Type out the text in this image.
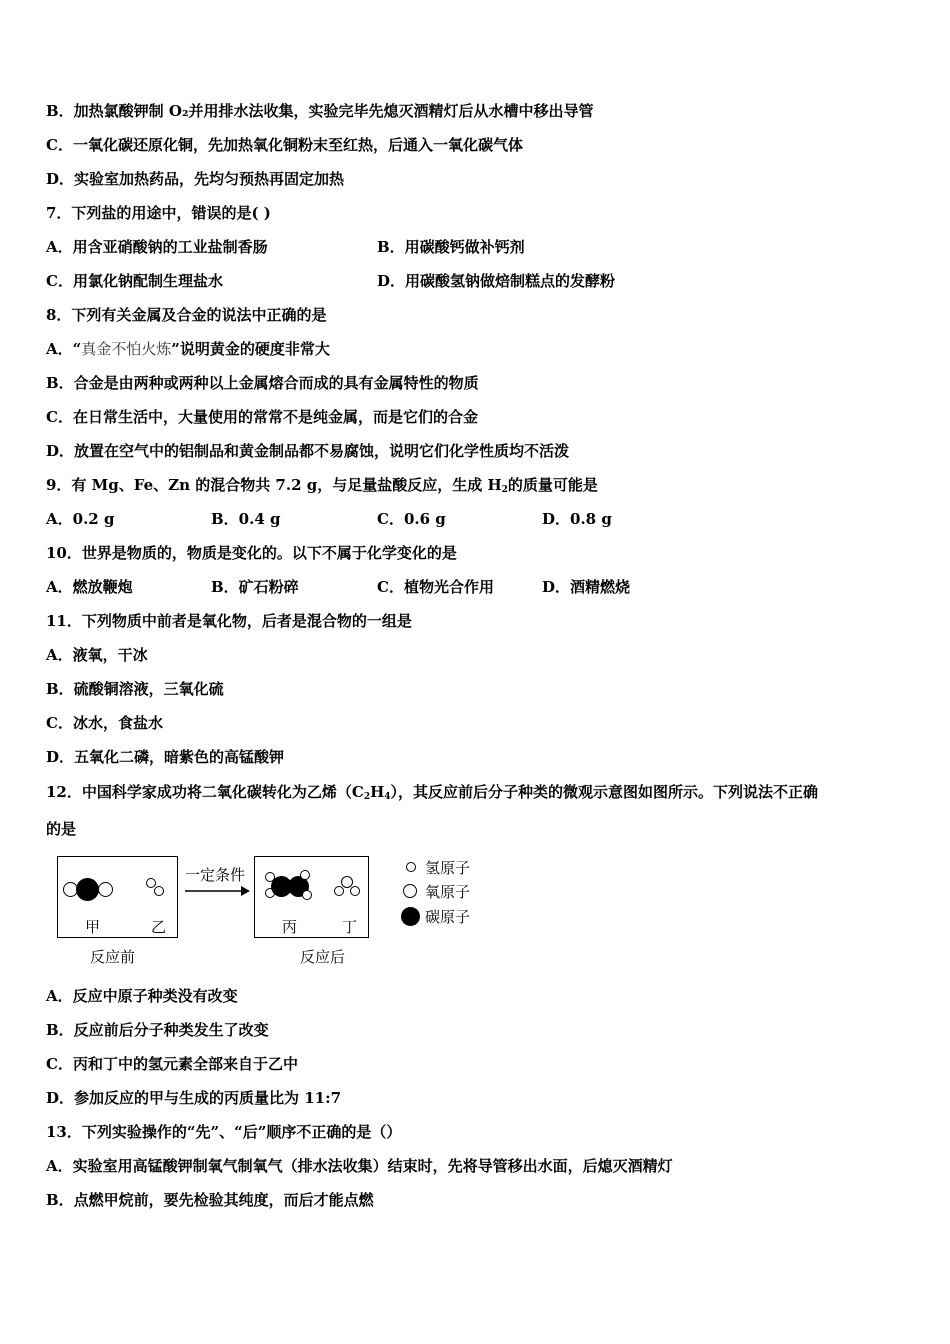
B．加热氯酸钾制 O₂并用排水法收集，实验完毕先熄灭酒精灯后从水槽中移出导管
C．一氧化碳还原化铜，先加热氧化铜粉末至红热，后通入一氧化碳气体
D．实验室加热药品，先均匀预热再固定加热
7．下列盐的用途中，错误的是( )
A．用含亚硝酸钠的工业盐制香肠	B．用碳酸钙做补钙剂
C．用氯化钠配制生理盐水	D．用碳酸氢钠做焙制糕点的发酵粉
8．下列有关金属及合金的说法中正确的是
A．“真金不怕火炼”说明黄金的硬度非常大
B．合金是由两种或两种以上金属熔合而成的具有金属特性的物质
C．在日常生活中，大量使用的常常不是纯金属，而是它们的合金
D．放置在空气中的铝制品和黄金制品都不易腐蚀，说明它们化学性质均不活泼
9．有 Mg、Fe、Zn 的混合物共 7.2 g，与足量盐酸反应，生成 $H_2$的质量可能是
A．0.2 g	B．0.4 g	C．0.6 g	D．0.8 g
10．世界是物质的，物质是变化的。以下不属于化学变化的是
A．燃放鞭炮	B．矿石粉碎	C．植物光合作用	D．酒精燃烧
11．下列物质中前者是氧化物，后者是混合物的一组是
A．液氧，干冰
B．硫酸铜溶液，三氧化硫
C．冰水，食盐水
D．五氧化二磷，暗紫色的高锰酸钾
12．中国科学家成功将二氧化碳转化为乙烯$(C_2H_4)$，其反应前后分子种类的微观示意图如图所示。下列说法不正确
的是
甲	乙
反应前
一定条件
丙	丁
反应后
氢原子
氧原子
碳原子
A．反应中原子种类没有改变
B．反应前后分子种类发生了改变
C．丙和丁中的氢元素全部来自于乙中
D．参加反应的甲与生成的丙质量比为 11:7
13．下列实验操作的“先”、“后”顺序不正确的是（）
A．实验室用高锰酸钾制氧气制氧气（排水法收集）结束时，先将导管移出水面，后熄灭酒精灯
B．点燃甲烷前，要先检验其纯度，而后才能点燃
